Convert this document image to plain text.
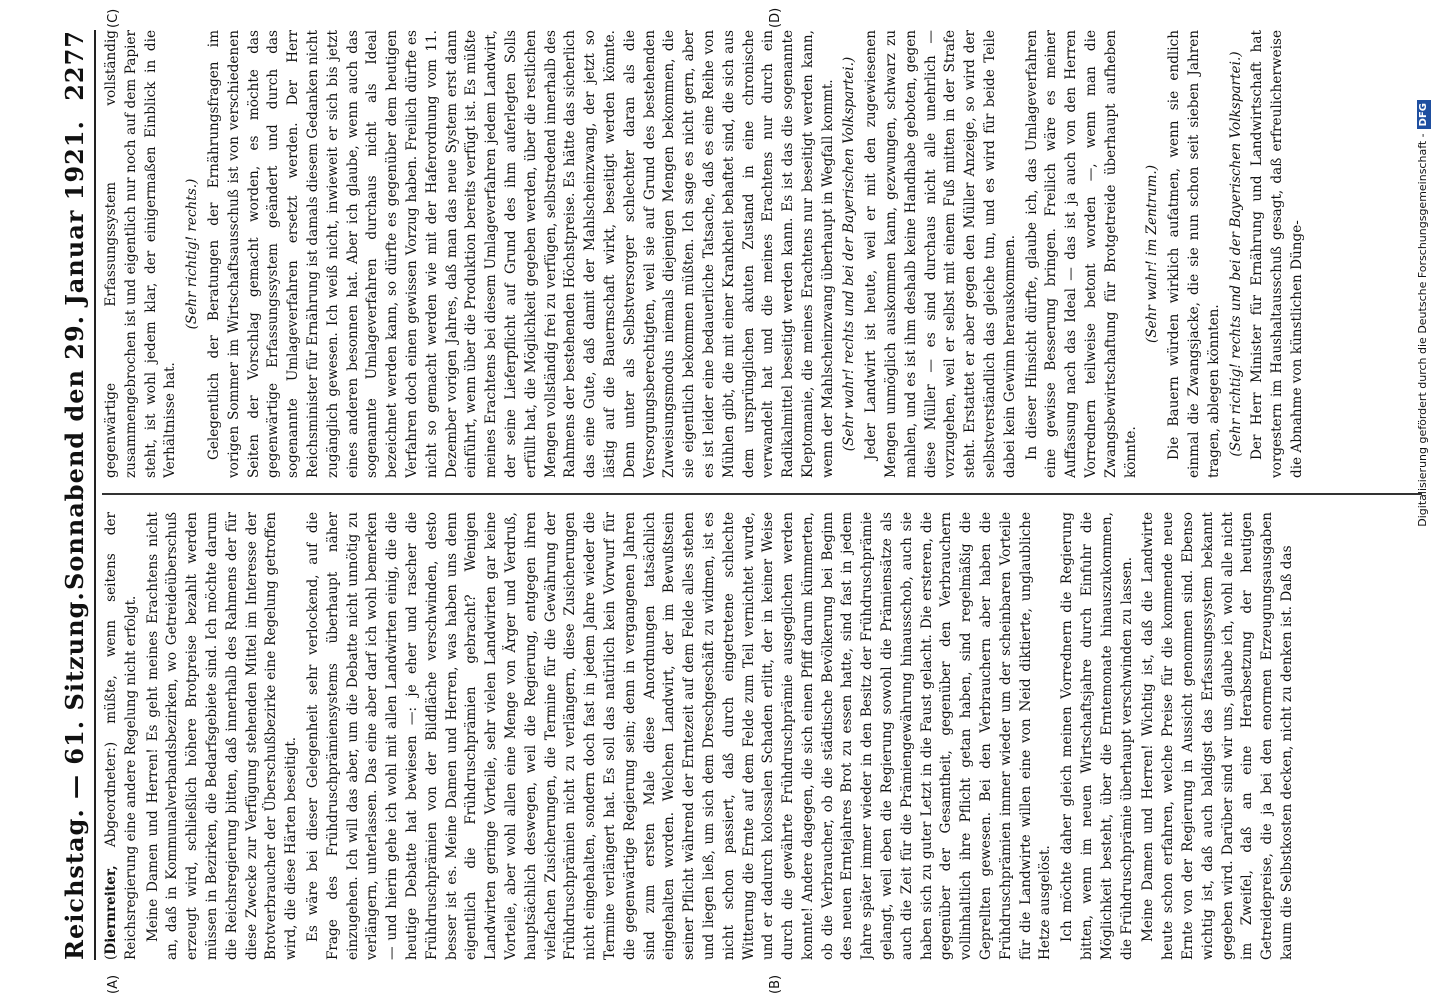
Reichstag. — 61. Sitzung.
Sonnabend den 29. Januar 1921.
2277
(A)	(B)
(C)	(D)

(Diernreiter, Abgeordneter:) müßte, wenn seitens der Reichsregierung eine andere Regelung nicht erfolgt. Meine Damen und Herren! Es geht meines Erachtens nicht an, daß in Kommunalverbandsbezirken, wo Getreideüberschuß erzeugt wird, schließlich höhere Brotpreise bezahlt werden müssen in Bezirken, die Bedarfsgebiete sind. Ich möchte darum die Reichsregierung bitten, daß innerhalb des Rahmens der für diese Zwecke zur Verfügung stehenden Mittel im Interesse der Brotverbraucher der Überschußbezirke eine Regelung getroffen wird, die diese Härten beseitigt. Es wäre bei dieser Gelegenheit sehr verlockend, auf die Frage des Frühdruschprämiensystems überhaupt näher einzugehen. Ich will das aber, um die Debatte nicht unnötig zu verlängern, unterlassen. Das eine aber darf ich wohl bemerken — und hierin gehe ich wohl mit allen Landwirten einig, die die heutige Debatte hat bewiesen —: je eher und rascher die Frühdruschprämien von der Bildfläche verschwinden, desto besser ist es. Meine Damen und Herren, was haben uns denn eigentlich die Frühdruschprämien gebracht? Wenigen Landwirten geringe Vorteile, sehr vielen Landwirten gar keine Vorteile, aber wohl allen eine Menge von Ärger und Verdruß, hauptsächlich deswegen, weil die Regierung, entgegen ihren vielfachen Zusicherungen, die Termine für die Gewährung der Frühdruschprämien nicht zu verlängern, diese Zusicherungen nicht eingehalten, sondern doch fast in jedem Jahre wieder die Termine verlängert hat. Es soll das natürlich kein Vorwurf für die gegenwärtige Regierung sein; denn in vergangenen Jahren sind zum ersten Male diese Anordnungen tatsächlich eingehalten worden. Welchen Landwirt, der im Bewußtsein seiner Pflicht während der Erntezeit auf dem Felde alles stehen und liegen ließ, um sich dem Dreschgeschäft zu widmen, ist es nicht schon passiert, daß durch eingetretene schlechte Witterung die Ernte auf dem Felde zum Teil vernichtet wurde, und er dadurch kolossalen Schaden erlitt, der in keiner Weise durch die gewährte Frühdruschprämie ausgeglichen werden konnte! Andere dagegen, die sich einen Pfiff darum kümmerten, ob die Verbraucher, ob die städtische Bevölkerung bei Beginn des neuen Erntejahres Brot zu essen hatte, sind fast in jedem Jahre später immer wieder in den Besitz der Frühdruschprämie gelangt, weil eben die Regierung sowohl die Prämiensätze als auch die Zeit für die Prämiengewährung hinausschob, auch sie haben sich zu guter Letzt in die Faust gelacht. Die ersteren, die gegenüber der Gesamtheit, gegenüber den Verbrauchern vollinhaltlich ihre Pflicht getan haben, sind regelmäßig die Geprellten gewesen. Bei den Verbrauchern aber haben die Frühdruschprämien immer wieder um der scheinbaren Vorteile für die Landwirte willen eine von Neid diktierte, unglaubliche Hetze ausgelöst. Ich möchte daher gleich meinen Vorrednern die Regierung bitten, wenn im neuen Wirtschaftsjahre durch Einfuhr die Möglichkeit besteht, über die Erntemonate hinauszukommen, die Frühdruschprämie überhaupt verschwinden zu lassen. Meine Damen und Herren! Wichtig ist, daß die Landwirte heute schon erfahren, welche Preise für die kommende neue Ernte von der Regierung in Aussicht genommen sind. Ebenso wichtig ist, daß auch baldigst das Erfassungssystem bekannt gegeben wird. Darüber sind wir uns, glaube ich, wohl alle nicht im Zweifel, daß an eine Herabsetzung der heutigen Getreidepreise, die ja bei den enormen Erzeugungsausgaben kaum die Selbstkosten decken, nicht zu denken ist. Daß das

gegenwärtige Erfassungssystem vollständig zusammengebrochen ist und eigentlich nur noch auf dem Papier steht, ist wohl jedem klar, der einigermaßen Einblick in die Verhältnisse hat.

(Sehr richtig! rechts.) Gelegentlich der Beratungen der Ernährungsfragen im vorigen Sommer im Wirtschaftsausschuß ist von verschiedenen Seiten der Vorschlag gemacht worden, es möchte das gegenwärtige Erfassungssystem geändert und durch das sogenannte Umlageverfahren ersetzt werden. Der Herr Reichsminister für Ernährung ist damals diesem Gedanken nicht zugänglich gewesen. Ich weiß nicht, inwieweit er sich bis jetzt eines anderen besonnen hat. Aber ich glaube, wenn auch das sogenannte Umlageverfahren durchaus nicht als Ideal bezeichnet werden kann, so dürfte es gegenüber dem heutigen Verfahren doch einen gewissen Vorzug haben. Freilich dürfte es nicht so gemacht werden wie mit der Haferordnung vom 11. Dezember vorigen Jahres, daß man das neue System erst dann einführt, wenn über die Produktion bereits verfügt ist. Es müßte meines Erachtens bei diesem Umlageverfahren jedem Landwirt, der seine Lieferpflicht auf Grund des ihm auferlegten Solls erfüllt hat, die Möglichkeit gegeben werden, über die restlichen Mengen vollständig frei zu verfügen, selbstredend innerhalb des Rahmens der bestehenden Höchstpreise. Es hätte das sicherlich das eine Gute, daß damit der Mahlscheinzwang, der jetzt so lästig auf die Bauernschaft wirkt, beseitigt werden könnte. Denn unter als Selbstversorger schlechter daran als die Versorgungsberechtigten, weil sie auf Grund des bestehenden Zuweisungsmodus niemals diejenigen Mengen bekommen, die sie eigentlich bekommen müßten. Ich sage es nicht gern, aber es ist leider eine bedauerliche Tatsache, daß es eine Reihe von Mühlen gibt, die mit einer Krankheit behaftet sind, die sich aus dem ursprünglichen akuten Zustand in eine chronische verwandelt hat und die meines Erachtens nur durch ein Radikalmittel beseitigt werden kann. Es ist das die sogenannte Kleptomanie, die meines Erachtens nur beseitigt werden kann, wenn der Mahlscheinzwang überhaupt in Wegfall kommt. (Sehr wahr! rechts und bei der Bayerischen Volkspartei.) Jeder Landwirt ist heute, weil er mit den zugewiesenen Mengen unmöglich auskommen kann, gezwungen, schwarz zu mahlen, und es ist ihm deshalb keine Handhabe geboten, gegen diese Müller — es sind durchaus nicht alle unehrlich — vorzugehen, weil er selbst mit einem Fuß mitten in der Strafe steht. Erstattet er aber gegen den Müller Anzeige, so wird der selbstverständlich das gleiche tun, und es wird für beide Teile dabei kein Gewinn herauskommen. In dieser Hinsicht dürfte, glaube ich, das Umlageverfahren eine gewisse Besserung bringen. Freilich wäre es meiner Auffassung nach das Ideal — das ist ja auch von den Herren Vorrednern teilweise betont worden —, wenn man die Zwangsbewirtschaftung für Brotgetreide überhaupt aufheben könnte.

(Sehr wahr! im Zentrum.) Die Bauern würden wirklich aufatmen, wenn sie endlich einmal die Zwangsjacke, die sie nun schon seit sieben Jahren tragen, ablegen könnten. (Sehr richtig! rechts und bei der Bayerischen Volkspartei.) Der Herr Minister für Ernährung und Landwirtschaft hat vorgestern im Haushaltausschuß gesagt, daß erfreulicherweise die Abnahme von künstlichen Dünge-	Digitalisierung gefördert durch die Deutsche Forschungsgemeinschaft -DFG
